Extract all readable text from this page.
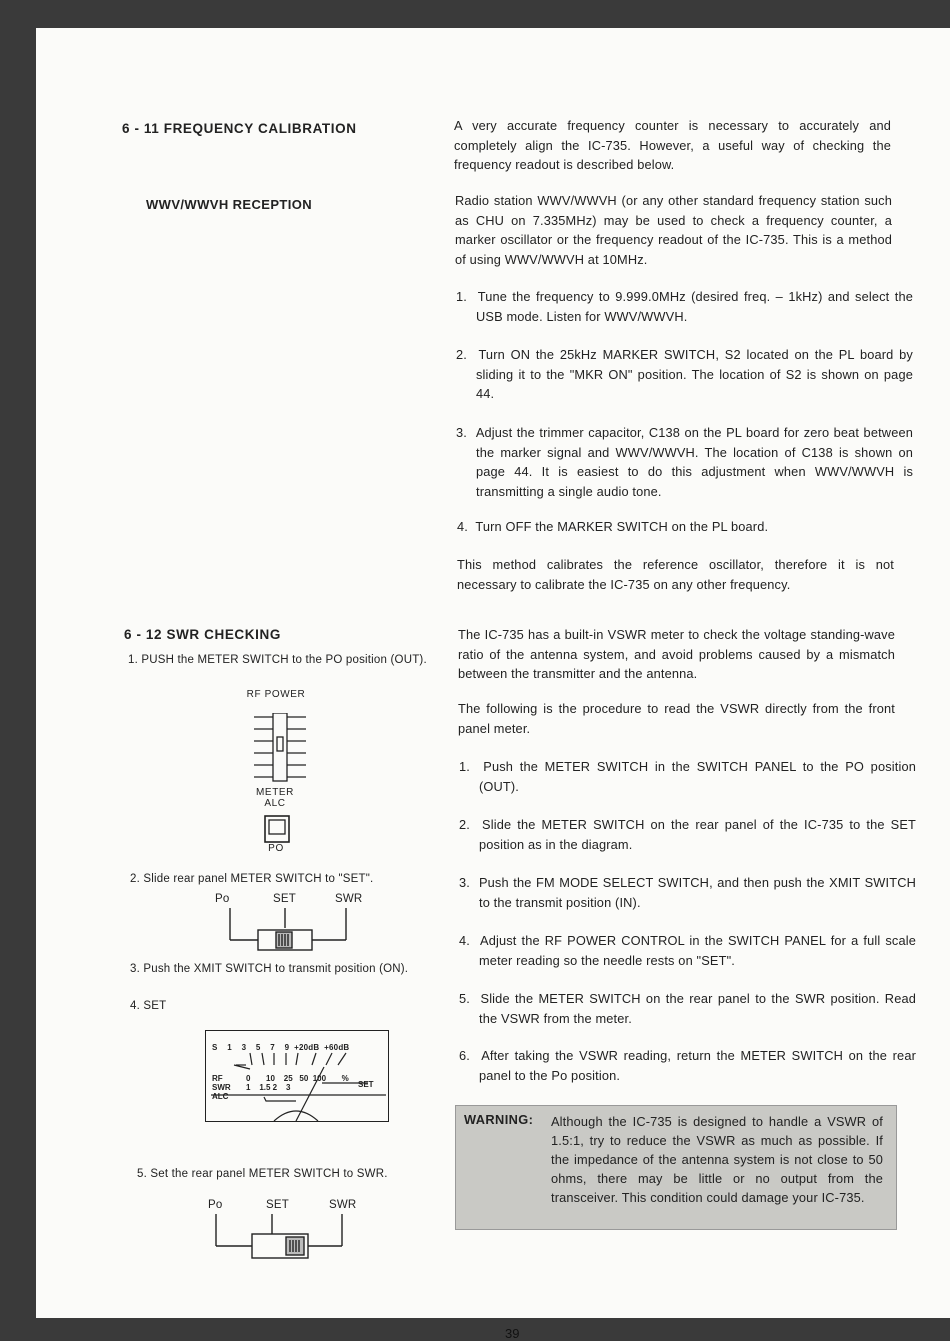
6 - 11 FREQUENCY CALIBRATION
WWV/WWVH RECEPTION
6 - 12 SWR CHECKING
1. PUSH the METER SWITCH to the PO position (OUT).
RF POWER
METER
ALC
PO
2. Slide rear panel METER SWITCH to "SET".
Po	SET	SWR
3. Push the XMIT SWITCH to transmit position (ON).
4. SET
S    1    3    5    7    9  +20dB  +60dB
RF	0       10    25   50  100       %
SWR 1    1.5 2    3	SET
ALC
5. Set the rear panel METER SWITCH to SWR.
Po	SET	SWR
A very accurate frequency counter is necessary to accurately and completely align the IC-735. However, a useful way of checking the frequency readout is described below.
Radio station WWV/WWVH (or any other standard frequency station such as CHU on 7.335MHz) may be used to check a frequency counter, a marker oscillator or the frequency readout of the IC-735. This is a method of using WWV/WWVH at 10MHz.
1.  Tune the frequency to 9.999.0MHz (desired freq. – 1kHz) and select the USB mode. Listen for WWV/WWVH.
2.  Turn ON the 25kHz MARKER SWITCH, S2 located on the PL board by sliding it to the "MKR ON" position. The location of S2 is shown on page 44.
3.  Adjust the trimmer capacitor, C138 on the PL board for zero beat between the marker signal and WWV/WWVH. The location of C138 is shown on page 44. It is easiest to do this adjustment when WWV/WWVH is transmitting a single audio tone.
4.  Turn OFF the MARKER SWITCH on the PL board.
This method calibrates the reference oscillator, therefore it is not necessary to calibrate the IC-735 on any other frequency.
The IC-735 has a built-in VSWR meter to check the voltage standing-wave ratio of the antenna system, and avoid problems caused by a mismatch between the transmitter and the antenna.
The following is the procedure to read the VSWR directly from the front panel meter.
1.  Push the METER SWITCH in the SWITCH PANEL to the PO position (OUT).
2.  Slide the METER SWITCH on the rear panel of the IC-735 to the SET position as in the diagram.
3.  Push the FM MODE SELECT SWITCH, and then push the XMIT SWITCH to the transmit position (IN).
4.  Adjust the RF POWER CONTROL in the SWITCH PANEL for a full scale meter reading so the needle rests on "SET".
5.  Slide the METER SWITCH on the rear panel to the SWR position. Read the VSWR from the meter.
6.  After taking the VSWR reading, return the METER SWITCH on the rear panel to the Po position.
WARNING: Although the IC-735 is designed to handle a VSWR of 1.5:1, try to reduce the VSWR as much as possible. If the impedance of the antenna system is not close to 50 ohms, there may be little or no output from the transceiver. This condition could damage your IC-735.
39
